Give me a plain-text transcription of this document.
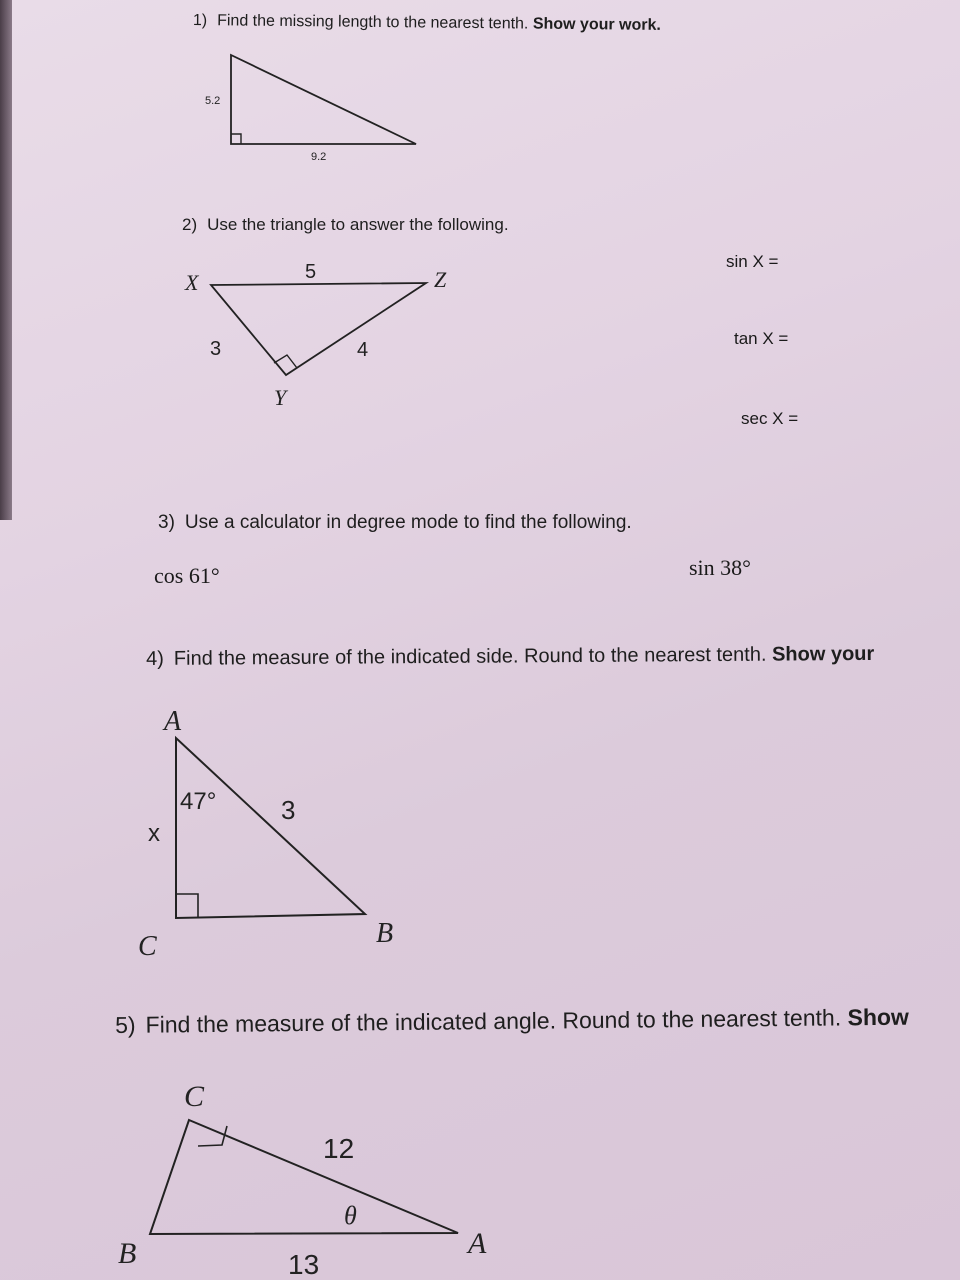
1) Find the missing length to the nearest tenth. Show your work.
5.2
9.2
X	Z
Y
5
3	4
A
C	B
47° 3
x
C
B	A
12
13
θ
2) Use the triangle to answer the following.
sin X =
tan X =
sec X =
3) Use a calculator in degree mode to find the following.
cos 61°	sin 38°
4) Find the measure of the indicated side. Round to the nearest tenth. Show your
5) Find the measure of the indicated angle. Round to the nearest tenth. Show
